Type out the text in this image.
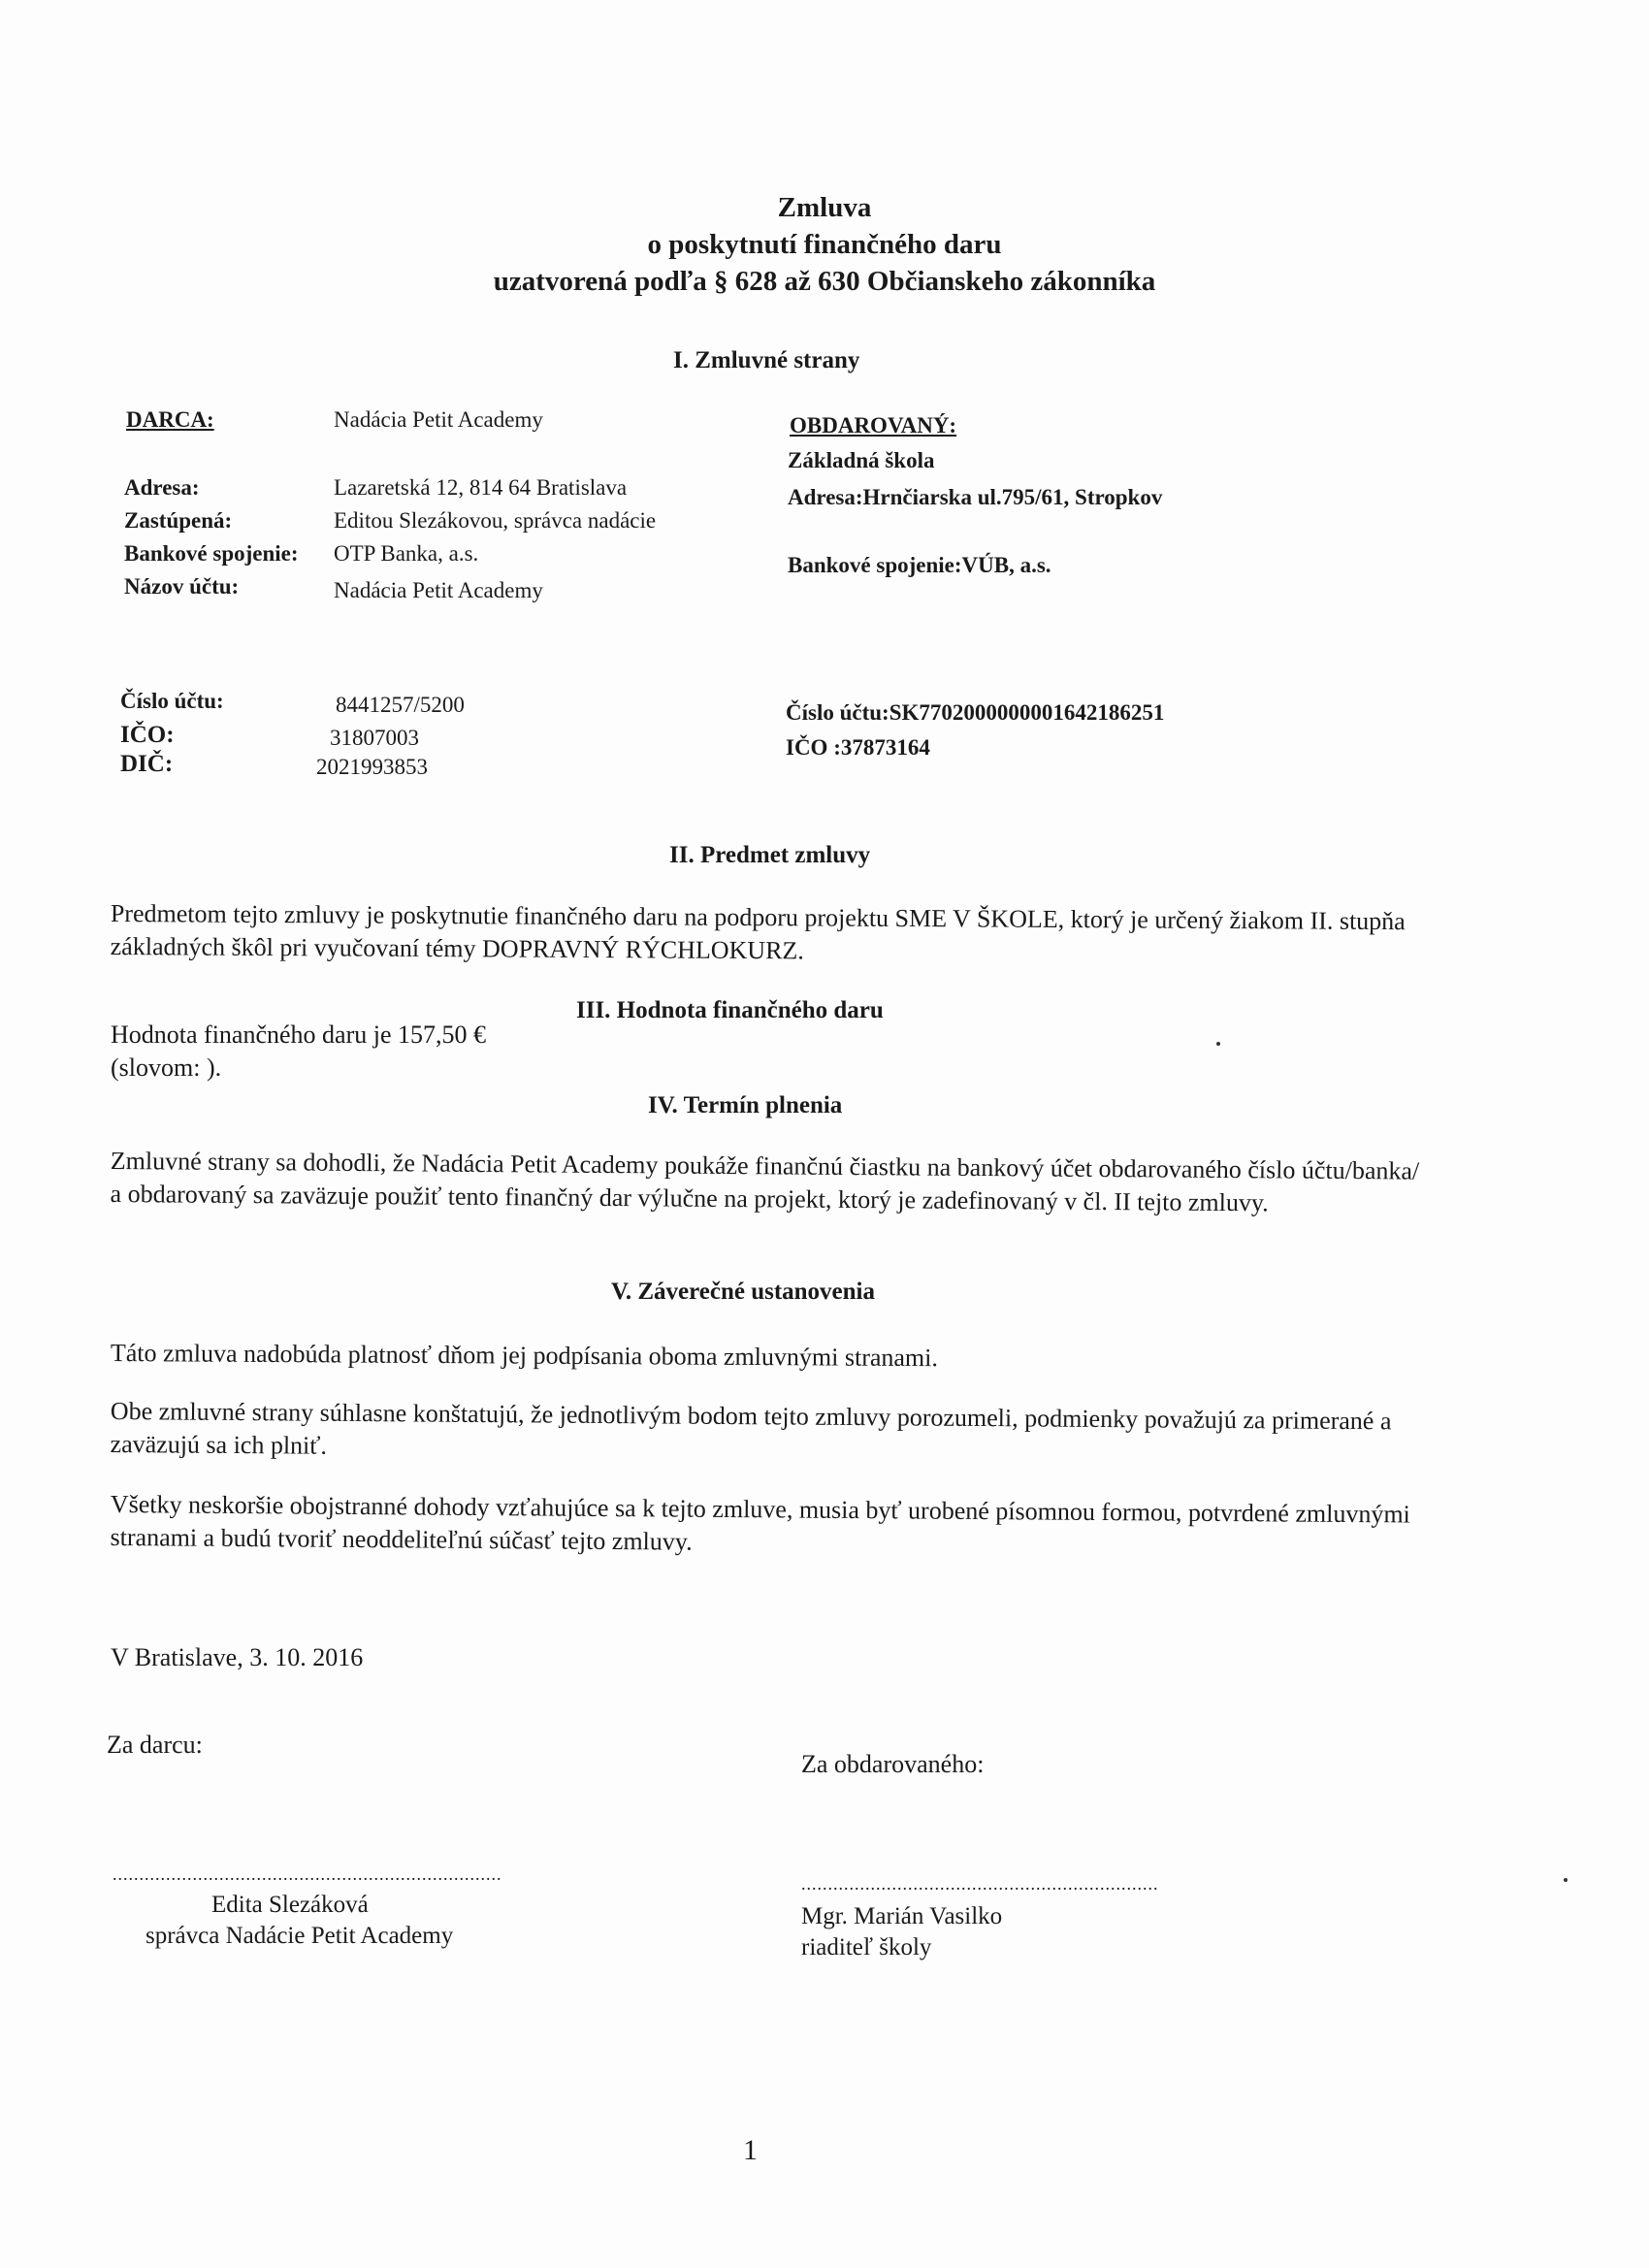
Zmluva
o poskytnutí finančného daru
uzatvorená podľa § 628 až 630 Občianskeho zákonníka
I. Zmluvné strany
DARCA:	Nadácia Petit Academy
Adresa:	Lazaretská 12, 814 64 Bratislava
Zastúpená:	Editou Slezákovou, správca nadácie
Bankové spojenie: OTP Banka, a.s.
Názov účtu:	Nadácia Petit Academy
OBDAROVANÝ:
Základná škola
Adresa:Hrnčiarska ul.795/61, Stropkov
Bankové spojenie:VÚB, a.s.
Číslo účtu:	8441257/5200
IČO:	31807003
DIČ:	2021993853
Číslo účtu:SK7702000000001642186251
IČO :37873164
II. Predmet zmluvy
Predmetom tejto zmluvy je poskytnutie finančného daru na podporu projektu SME V ŠKOLE, ktorý je určený žiakom II. stupňa základných škôl pri vyučovaní témy DOPRAVNÝ RÝCHLOKURZ.
III. Hodnota finančného daru
Hodnota finančného daru je 157,50 €
(slovom: ).
IV. Termín plnenia
Zmluvné strany sa dohodli, že Nadácia Petit Academy poukáže finančnú čiastku na bankový účet obdarovaného číslo účtu/banka/ a obdarovaný sa zaväzuje použiť tento finančný dar výlučne na projekt, ktorý je zadefinovaný v čl. II tejto zmluvy.
V. Záverečné ustanovenia
Táto zmluva nadobúda platnosť dňom jej podpísania oboma zmluvnými stranami.
Obe zmluvné strany súhlasne konštatujú, že jednotlivým bodom tejto zmluvy porozumeli, podmienky považujú za primerané a zaväzujú sa ich plniť.
Všetky neskoršie obojstranné dohody vzťahujúce sa k tejto zmluve, musia byť urobené písomnou formou, potvrdené zmluvnými stranami a budú tvoriť neoddeliteľnú súčasť tejto zmluvy.
V Bratislave, 3. 10. 2016
Za darcu:
Za obdarovaného:
.........................................................................	...................................................................
Edita Slezáková
správca Nadácie Petit Academy
Mgr. Marián Vasilko
riaditeľ školy
1
